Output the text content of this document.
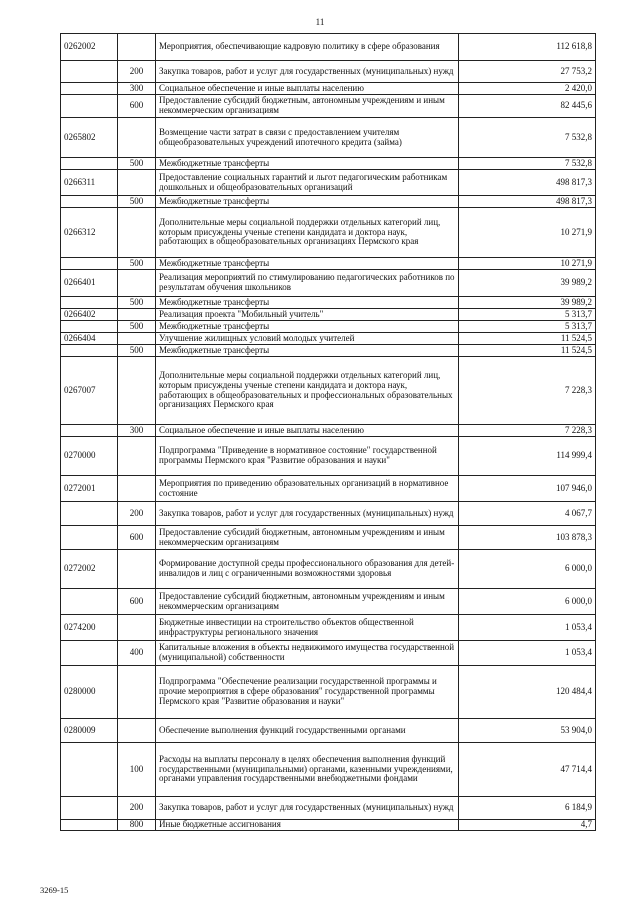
11
0262002		Мероприятия, обеспечивающие кадровую политику в сфере образования	112 618,8
	200	Закупка товаров, работ и услуг для государственных (муниципальных) нужд	27 753,2
	300	Социальное обеспечение и иные выплаты населению	2 420,0
	600	Предоставление субсидий бюджетным, автономным учреждениям и иным некоммерческим организациям	82 445,6
0265802		Возмещение части затрат в связи с предоставлением учителям общеобразовательных учреждений ипотечного кредита (займа)	7 532,8
	500	Межбюджетные трансферты	7 532,8
0266311		Предоставление социальных гарантий и льгот педагогическим работникам дошкольных и общеобразовательных организаций	498 817,3
	500	Межбюджетные трансферты	498 817,3
0266312		Дополнительные меры социальной поддержки отдельных категорий лиц, которым присуждены ученые степени кандидата и доктора наук, работающих в общеобразовательных организациях Пермского края	10 271,9
	500	Межбюджетные трансферты	10 271,9
0266401		Реализация мероприятий по стимулированию педагогических работников по результатам обучения школьников	39 989,2
	500	Межбюджетные трансферты	39 989,2
0266402		Реализация проекта "Мобильный учитель"	5 313,7
	500	Межбюджетные трансферты	5 313,7
0266404		Улучшение жилищных условий молодых учителей	11 524,5
	500	Межбюджетные трансферты	11 524,5
0267007		Дополнительные меры социальной поддержки отдельных категорий лиц, которым присуждены ученые степени кандидата и доктора наук, работающих в общеобразовательных и профессиональных образовательных организациях Пермского края	7 228,3
	300	Социальное обеспечение и иные выплаты населению	7 228,3
0270000		Подпрограмма "Приведение в нормативное состояние" государственной программы Пермского края "Развитие образования и науки"	114 999,4
0272001		Мероприятия по приведению образовательных организаций в нормативное состояние	107 946,0
	200	Закупка товаров, работ и услуг для государственных (муниципальных) нужд	4 067,7
	600	Предоставление субсидий бюджетным, автономным учреждениям и иным некоммерческим организациям	103 878,3
0272002		Формирование доступной среды профессионального образования для детей-инвалидов и лиц с ограниченными возможностями здоровья	6 000,0
	600	Предоставление субсидий бюджетным, автономным учреждениям и иным некоммерческим организациям	6 000,0
0274200		Бюджетные инвестиции на строительство объектов общественной инфраструктуры регионального значения	1 053,4
	400	Капитальные вложения в объекты недвижимого имущества государственной (муниципальной) собственности	1 053,4
0280000		Подпрограмма "Обеспечение реализации государственной программы и прочие мероприятия в сфере образования" государственной программы Пермского края "Развитие образования и науки"	120 484,4
0280009		Обеспечение выполнения функций государственными органами	53 904,0
	100	Расходы на выплаты персоналу в целях обеспечения выполнения функций государственными (муниципальными) органами, казенными учреждениями, органами управления государственными внебюджетными фондами	47 714,4
	200	Закупка товаров, работ и услуг для государственных (муниципальных) нужд	6 184,9
	800	Иные бюджетные ассигнования	4,7
3269-15
